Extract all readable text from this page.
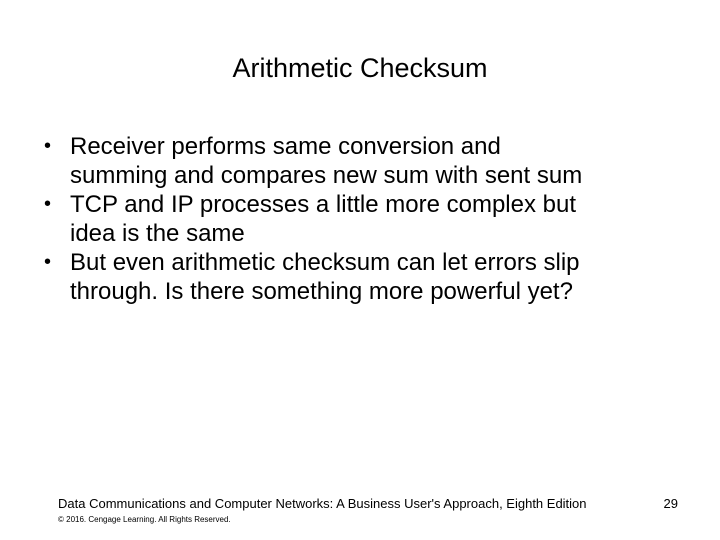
Arithmetic Checksum
• Receiver performs same conversion and
summing and compares new sum with sent sum
• TCP and IP processes a little more complex but
idea is the same
• But even arithmetic checksum can let errors slip
through. Is there something more powerful yet?
Data Communications and Computer Networks: A Business User's Approach, Eighth Edition	29
© 2016. Cengage Learning. All Rights Reserved.
